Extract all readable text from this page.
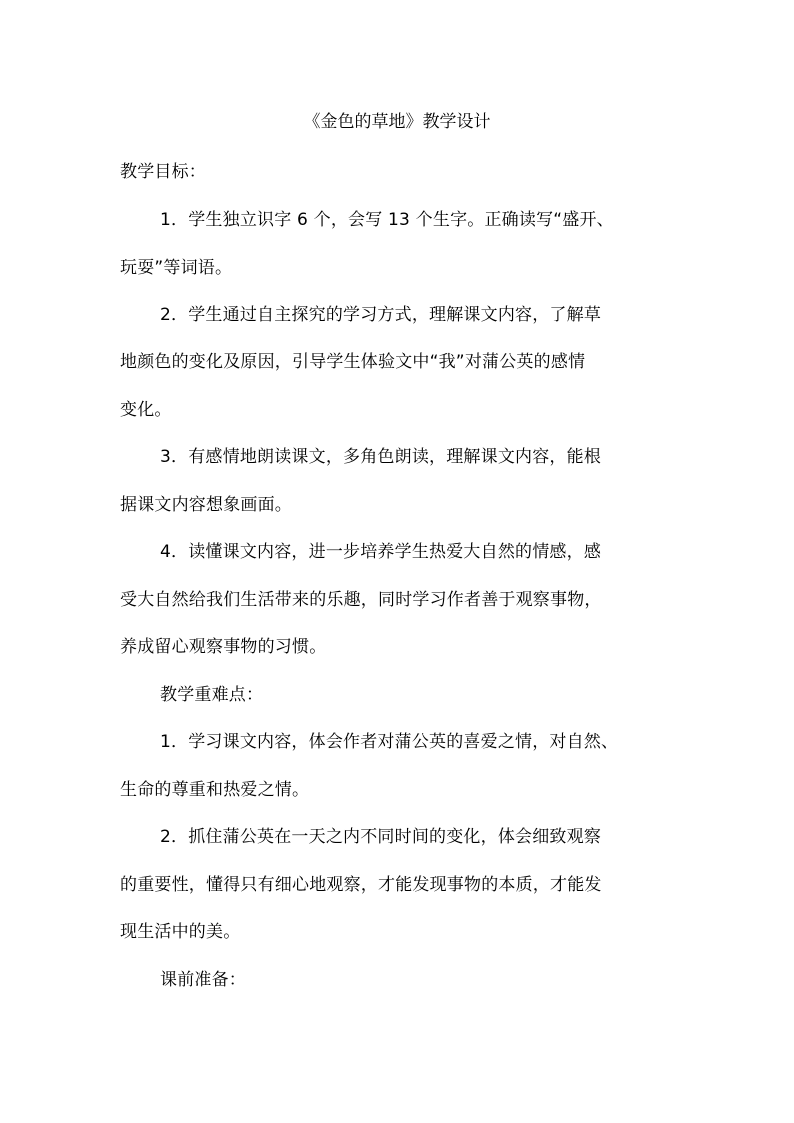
《金色的草地》教学设计
教学目标：
1．学生独立识字 6 个，会写 13 个生字。正确读写“盛开、
玩耍”等词语。
2．学生通过自主探究的学习方式，理解课文内容，了解草
地颜色的变化及原因，引导学生体验文中“我”对蒲公英的感情
变化。
3．有感情地朗读课文，多角色朗读，理解课文内容，能根
据课文内容想象画面。
4．读懂课文内容，进一步培养学生热爱大自然的情感，感
受大自然给我们生活带来的乐趣，同时学习作者善于观察事物，
养成留心观察事物的习惯。
教学重难点：
1．学习课文内容，体会作者对蒲公英的喜爱之情，对自然、
生命的尊重和热爱之情。
2．抓住蒲公英在一天之内不同时间的变化，体会细致观察
的重要性，懂得只有细心地观察，才能发现事物的本质，才能发
现生活中的美。
课前准备：
